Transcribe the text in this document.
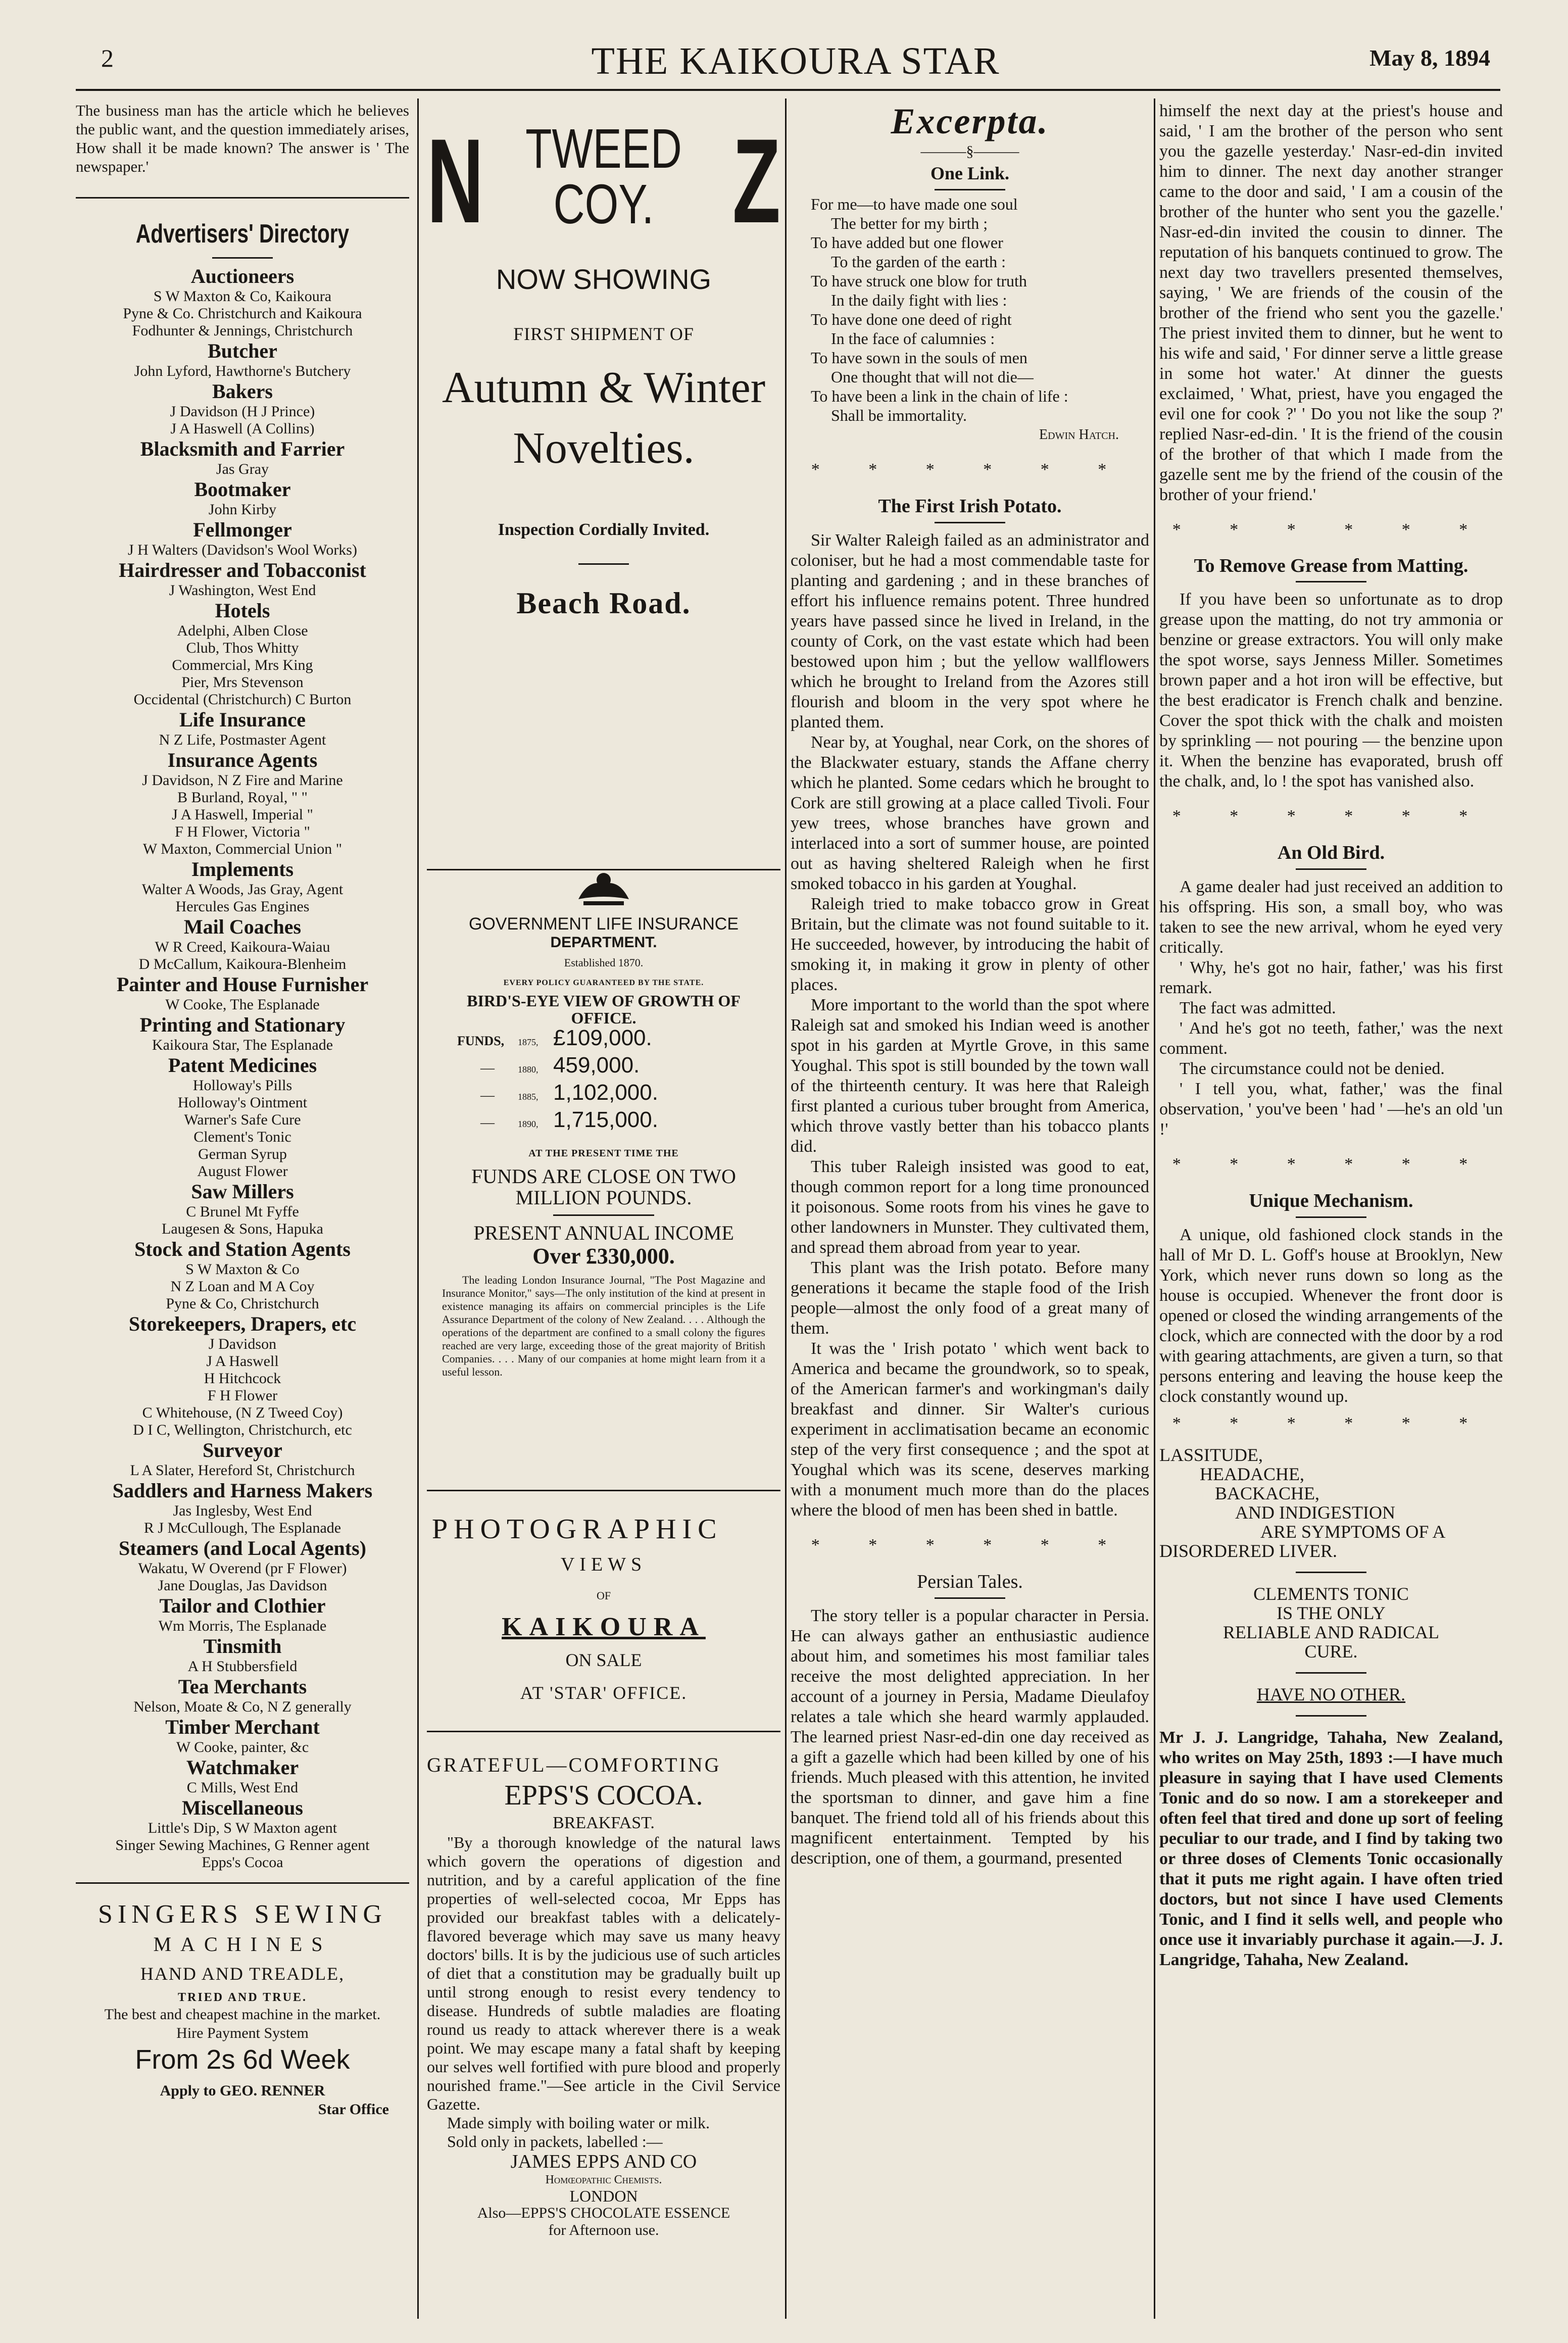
2	THE KAIKOURA STAR	May 8, 1894

The business man has the article which he believes the public want, and the question immediately arises, How shall it be made known? The answer is ' The newspaper.'

Advertisers' Directory
Auctioneers
S W Maxton & Co, Kaikoura
Pyne & Co. Christchurch and Kaikoura
Fodhunter & Jennings, Christchurch
Butcher
John Lyford, Hawthorne's Butchery
Bakers
J Davidson (H J Prince)
J A Haswell (A Collins)
Blacksmith and Farrier
Jas Gray
Bootmaker
John Kirby
Fellmonger
J H Walters (Davidson's Wool Works)
Hairdresser and Tobacconist
J Washington, West End
Hotels
Adelphi, Alben Close
Club, Thos Whitty
Commercial, Mrs King
Pier, Mrs Stevenson
Occidental (Christchurch) C Burton
Life Insurance
N Z Life, Postmaster Agent
Insurance Agents
J Davidson, N Z Fire and Marine
B Burland, Royal, " "
J A Haswell, Imperial "
F H Flower, Victoria "
W Maxton, Commercial Union "
Implements
Walter A Woods, Jas Gray, Agent
Hercules Gas Engines
Mail Coaches
W R Creed, Kaikoura-Waiau
D McCallum, Kaikoura-Blenheim
Painter and House Furnisher
W Cooke, The Esplanade
Printing and Stationary
Kaikoura Star, The Esplanade
Patent Medicines
Holloway's Pills
Holloway's Ointment
Warner's Safe Cure
Clement's Tonic
German Syrup
August Flower
Saw Millers
C Brunel Mt Fyffe
Laugesen & Sons, Hapuka
Stock and Station Agents
S W Maxton & Co
N Z Loan and M A Coy
Pyne & Co, Christchurch
Storekeepers, Drapers, etc
J Davidson
J A Haswell
H Hitchcock
F H Flower
C Whitehouse, (N Z Tweed Coy)
D I C, Wellington, Christchurch, etc
Surveyor
L A Slater, Hereford St, Christchurch
Saddlers and Harness Makers
Jas Inglesby, West End
R J McCullough, The Esplanade
Steamers (and Local Agents)
Wakatu, W Overend (pr F Flower)
Jane Douglas, Jas Davidson
Tailor and Clothier
Wm Morris, The Esplanade
Tinsmith
A H Stubbersfield
Tea Merchants
Nelson, Moate & Co, N Z generally
Timber Merchant
W Cooke, painter, &c
Watchmaker
C Mills, West End
Miscellaneous
Little's Dip, S W Maxton agent
Singer Sewing Machines, G Renner agent
Epps's Cocoa
SINGERS SEWING
MACHINES
HAND AND TREADLE,
TRIED AND TRUE.
The best and cheapest machine in the market.
Hire Payment System
From 2s 6d Week
Apply to GEO. RENNER
Star Office
N	Z
TWEED
COY.
NOW SHOWING
FIRST SHIPMENT OF
Autumn & Winter
Novelties.
Inspection Cordially Invited.
Beach Road.
GOVERNMENT LIFE INSURANCE
DEPARTMENT.
Established 1870.
EVERY POLICY GUARANTEED BY THE STATE.
BIRD'S-EYE VIEW OF GROWTH OF OFFICE.
FUNDS,	1875, £109,000.
—	1880, 459,000.
—	1885, 1,102,000.
—	1890, 1,715,000.
AT THE PRESENT TIME THE
FUNDS ARE CLOSE ON TWO MILLION POUNDS.
PRESENT ANNUAL INCOME
Over £330,000.

The leading London Insurance Journal, "The Post Magazine and Insurance Monitor," says—The only institution of the kind at present in existence managing its affairs on commercial principles is the Life Assurance Department of the colony of New Zealand. . . . Although the operations of the department are confined to a small colony the figures reached are very large, exceeding those of the great majority of British Companies. . . . Many of our companies at home might learn from it a useful lesson.

PHOTOGRAPHIC
VIEWS
OF
KAIKOURA
ON SALE
AT 'STAR' OFFICE.
GRATEFUL—COMFORTING
EPPS'S COCOA.
BREAKFAST.

"By a thorough knowledge of the natural laws which govern the operations of digestion and nutrition, and by a careful application of the fine properties of well-selected cocoa, Mr Epps has provided our breakfast tables with a delicately-flavored beverage which may save us many heavy doctors' bills. It is by the judicious use of such articles of diet that a constitution may be gradually built up until strong enough to resist every tendency to disease. Hundreds of subtle maladies are floating round us ready to attack wherever there is a weak point. We may escape many a fatal shaft by keeping our selves well fortified with pure blood and properly nourished frame."—See article in the Civil Service Gazette.

Made simply with boiling water or milk.

Sold only in packets, labelled :—

JAMES EPPS AND CO
Homœopathic Chemists.
LONDON
Also—EPPS'S CHOCOLATE ESSENCE
for Afternoon use.
Excerpta.
———§———
One Link.
For me—to have made one soul
The better for my birth ;
To have added but one flower
To the garden of the earth :
To have struck one blow for truth
In the daily fight with lies :
To have done one deed of right
In the face of calumnies :
To have sown in the souls of men
One thought that will not die—
To have been a link in the chain of life :
Shall be immortality.
Edwin Hatch.
* * * * * *
The First Irish Potato.

Sir Walter Raleigh failed as an administrator and coloniser, but he had a most commendable taste for planting and gardening ; and in these branches of effort his influence remains potent. Three hundred years have passed since he lived in Ireland, in the county of Cork, on the vast estate which had been bestowed upon him ; but the yellow wallflowers which he brought to Ireland from the Azores still flourish and bloom in the very spot where he planted them.

Near by, at Youghal, near Cork, on the shores of the Blackwater estuary, stands the Affane cherry which he planted. Some cedars which he brought to Cork are still growing at a place called Tivoli. Four yew trees, whose branches have grown and interlaced into a sort of summer house, are pointed out as having sheltered Raleigh when he first smoked tobacco in his garden at Youghal.

Raleigh tried to make tobacco grow in Great Britain, but the climate was not found suitable to it. He succeeded, however, by introducing the habit of smoking it, in making it grow in plenty of other places.

More important to the world than the spot where Raleigh sat and smoked his Indian weed is another spot in his garden at Myrtle Grove, in this same Youghal. This spot is still bounded by the town wall of the thirteenth century. It was here that Raleigh first planted a curious tuber brought from America, which throve vastly better than his tobacco plants did.

This tuber Raleigh insisted was good to eat, though common report for a long time pronounced it poisonous. Some roots from his vines he gave to other landowners in Munster. They cultivated them, and spread them abroad from year to year.

This plant was the Irish potato. Before many generations it became the staple food of the Irish people—almost the only food of a great many of them.

It was the ' Irish potato ' which went back to America and became the groundwork, so to speak, of the American farmer's and workingman's daily breakfast and dinner. Sir Walter's curious experiment in acclimatisation became an economic step of the very first consequence ; and the spot at Youghal which was its scene, deserves marking with a monument much more than do the places where the blood of men has been shed in battle.

* * * * * *
Persian Tales.

The story teller is a popular character in Persia. He can always gather an enthusiastic audience about him, and sometimes his most familiar tales receive the most delighted appreciation. In her account of a journey in Persia, Madame Dieulafoy relates a tale which she heard warmly applauded. The learned priest Nasr-ed-din one day received as a gift a gazelle which had been killed by one of his friends. Much pleased with this attention, he invited the sportsman to dinner, and gave him a fine banquet. The friend told all of his friends about this magnificent entertainment. Tempted by his description, one of them, a gourmand, presented

himself the next day at the priest's house and said, ' I am the brother of the person who sent you the gazelle yesterday.' Nasr-ed-din invited him to dinner. The next day another stranger came to the door and said, ' I am a cousin of the brother of the hunter who sent you the gazelle.' Nasr-ed-din invited the cousin to dinner. The reputation of his banquets continued to grow. The next day two travellers presented themselves, saying, ' We are friends of the cousin of the brother of the friend who sent you the gazelle.' The priest invited them to dinner, but he went to his wife and said, ' For dinner serve a little grease in some hot water.' At dinner the guests exclaimed, ' What, priest, have you engaged the evil one for cook ?' ' Do you not like the soup ?' replied Nasr-ed-din. ' It is the friend of the cousin of the brother of that which I made from the gazelle sent me by the friend of the cousin of the brother of your friend.'

* * * * * *
To Remove Grease from Matting.

If you have been so unfortunate as to drop grease upon the matting, do not try ammonia or benzine or grease extractors. You will only make the spot worse, says Jenness Miller. Sometimes brown paper and a hot iron will be effective, but the best eradicator is French chalk and benzine. Cover the spot thick with the chalk and moisten by sprinkling — not pouring — the benzine upon it. When the benzine has evaporated, brush off the chalk, and, lo ! the spot has vanished also.

* * * * * *
An Old Bird.

A game dealer had just received an addition to his offspring. His son, a small boy, who was taken to see the new arrival, whom he eyed very critically.

' Why, he's got no hair, father,' was his first remark.

The fact was admitted.

' And he's got no teeth, father,' was the next comment.

The circumstance could not be denied.

' I tell you, what, father,' was the final observation, ' you've been ' had ' —he's an old 'un !'

* * * * * *
Unique Mechanism.

A unique, old fashioned clock stands in the hall of Mr D. L. Goff's house at Brooklyn, New York, which never runs down so long as the house is occupied. Whenever the front door is opened or closed the winding arrangements of the clock, which are connected with the door by a rod with gearing attachments, are given a turn, so that persons entering and leaving the house keep the clock constantly wound up.

* * * * * *
LASSITUDE,
HEADACHE,
BACKACHE,
AND INDIGESTION
ARE SYMPTOMS OF A
DISORDERED LIVER.
CLEMENTS TONIC
IS THE ONLY
RELIABLE AND RADICAL
CURE.
HAVE NO OTHER.

Mr J. J. Langridge, Tahaha, New Zealand, who writes on May 25th, 1893 :—I have much pleasure in saying that I have used Clements Tonic and do so now. I am a storekeeper and often feel that tired and done up sort of feeling peculiar to our trade, and I find by taking two or three doses of Clements Tonic occasionally that it puts me right again. I have often tried doctors, but not since I have used Clements Tonic, and I find it sells well, and people who once use it invariably purchase it again.—J. J. Langridge, Tahaha, New Zealand.
